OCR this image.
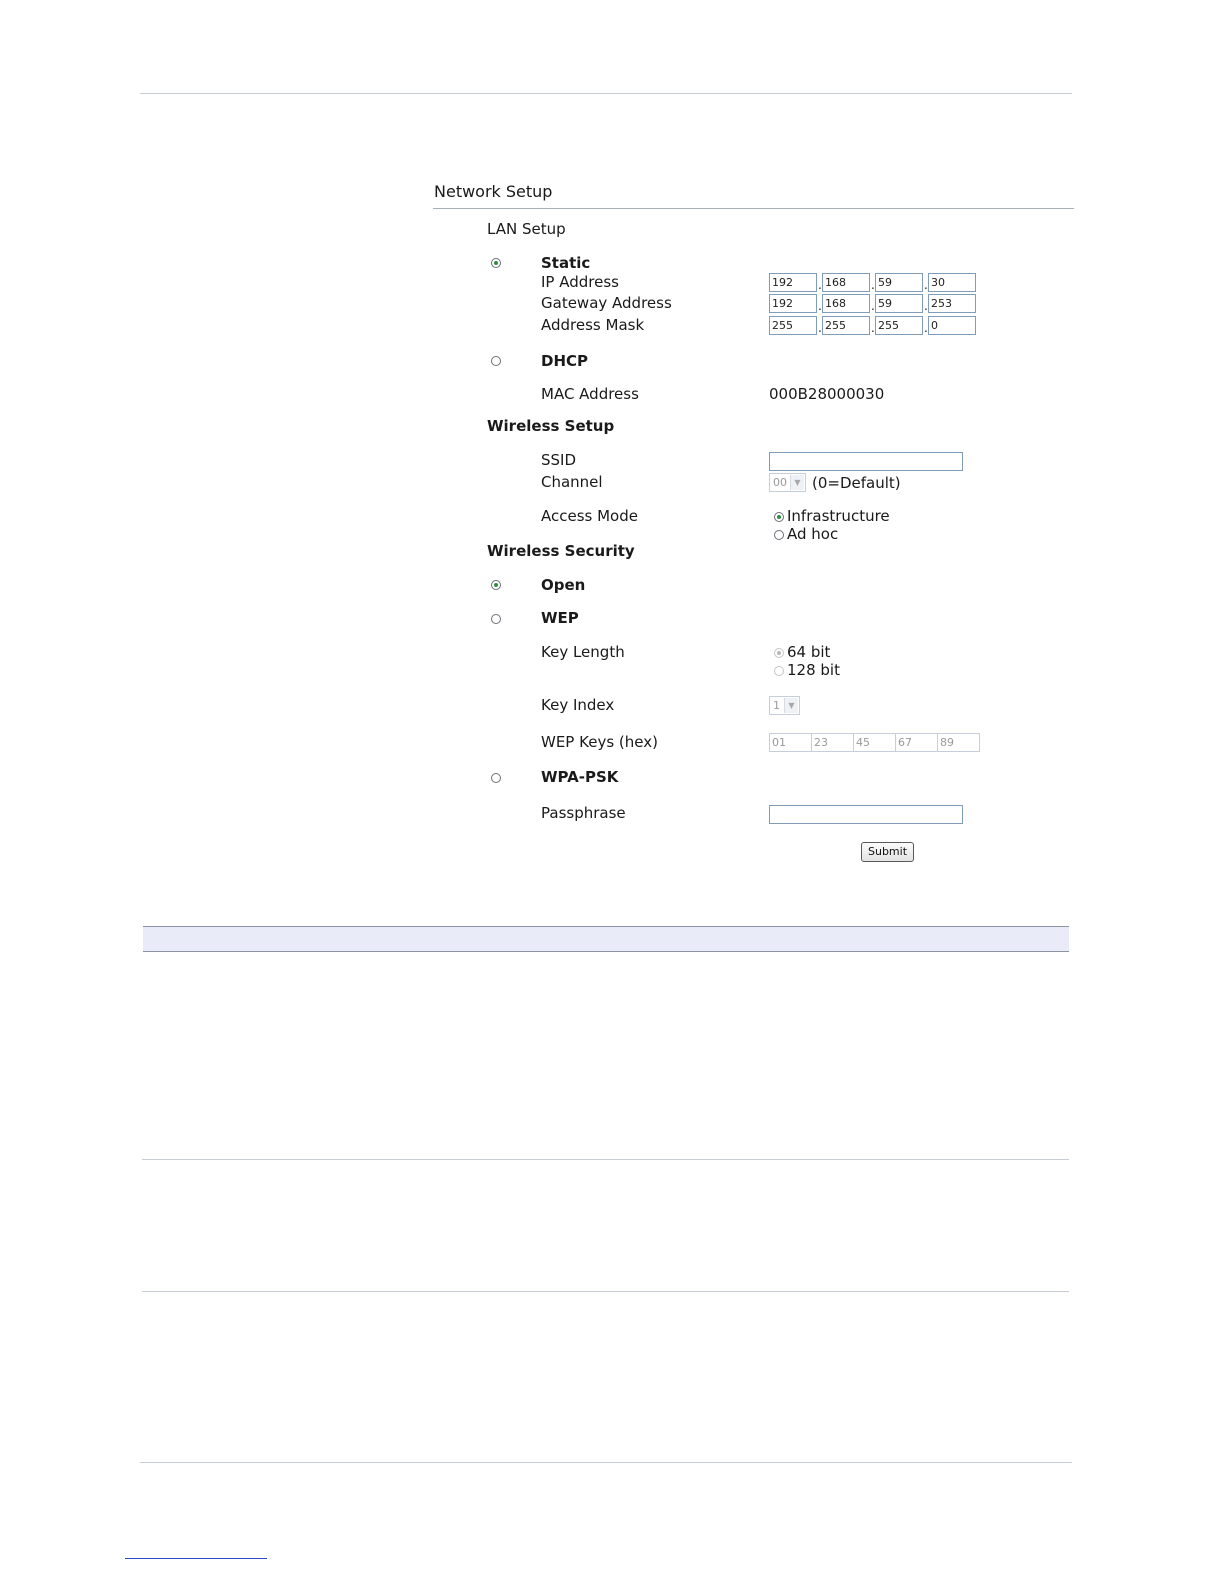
Network Setup
LAN Setup
Static
IP Address	192	. 168	. 59	. 30
Gateway Address	192	. 168	. 59	. 253
Address Mask	255	. 255	. 255	. 0
DHCP
MAC Address	000B28000030
Wireless Setup
SSID
Channel	00 ▼ (0=Default)
Access Mode	Infrastructure
Ad hoc
Wireless Security
Open
WEP
Key Length	64 bit
128 bit
Key Index	1	▼
WEP Keys (hex)	01	23	45	67	89
WPA-PSK
Passphrase
Submit
